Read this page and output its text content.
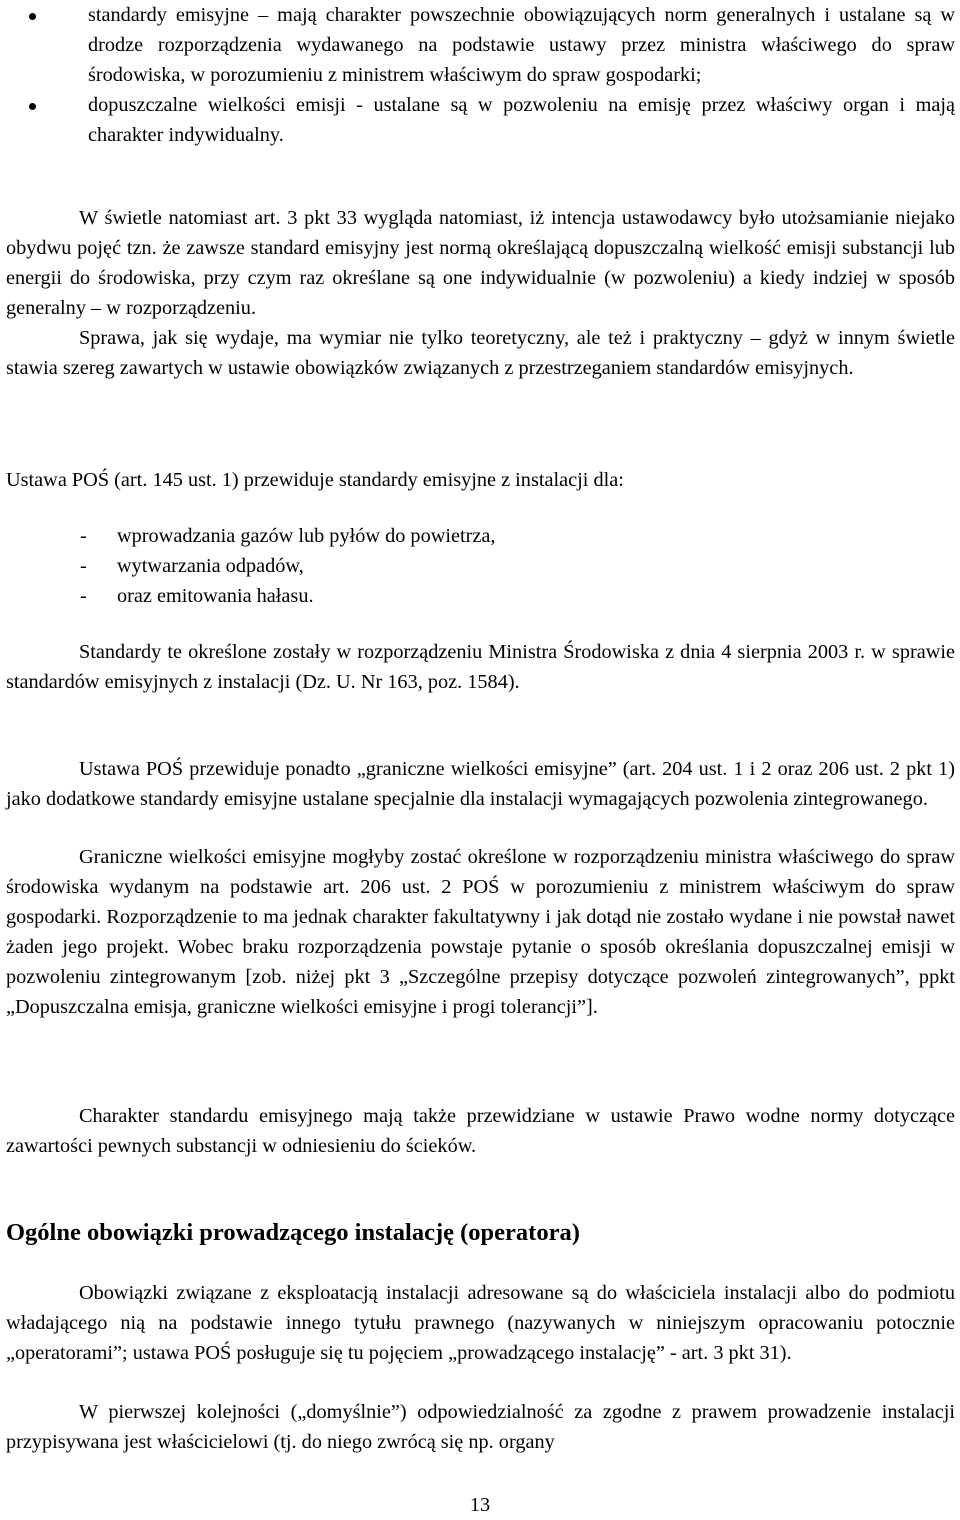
standardy emisyjne – mają charakter powszechnie obowiązujących norm generalnych i ustalane są w drodze rozporządzenia wydawanego na podstawie ustawy przez ministra właściwego do spraw środowiska, w porozumieniu z ministrem właściwym do spraw gospodarki;
dopuszczalne wielkości emisji - ustalane są w pozwoleniu na emisję przez właściwy organ i mają charakter indywidualny.

W świetle natomiast art. 3 pkt 33 wygląda natomiast, iż intencja ustawodawcy było utożsamianie niejako obydwu pojęć tzn. że zawsze standard emisyjny jest normą określającą dopuszczalną wielkość emisji substancji lub energii do środowiska, przy czym raz określane są one indywidualnie (w pozwoleniu) a kiedy indziej w sposób generalny – w rozporządzeniu.

Sprawa, jak się wydaje, ma wymiar nie tylko teoretyczny, ale też i praktyczny – gdyż w innym świetle stawia szereg zawartych w ustawie obowiązków związanych z przestrzeganiem standardów emisyjnych.

Ustawa POŚ (art. 145 ust. 1) przewiduje standardy emisyjne z instalacji dla:

- wprowadzania gazów lub pyłów do powietrza,
- wytwarzania odpadów,
- oraz emitowania hałasu.

Standardy te określone zostały w rozporządzeniu Ministra Środowiska z dnia 4 sierpnia 2003 r. w sprawie standardów emisyjnych z instalacji (Dz. U. Nr 163, poz. 1584).

Ustawa POŚ przewiduje ponadto „graniczne wielkości emisyjne” (art. 204 ust. 1 i 2 oraz 206 ust. 2 pkt 1) jako dodatkowe standardy emisyjne ustalane specjalnie dla instalacji wymagających pozwolenia zintegrowanego.

Graniczne wielkości emisyjne mogłyby zostać określone w rozporządzeniu ministra właściwego do spraw środowiska wydanym na podstawie art. 206 ust. 2 POŚ w porozumieniu z ministrem właściwym do spraw gospodarki. Rozporządzenie to ma jednak charakter fakultatywny i jak dotąd nie zostało wydane i nie powstał nawet żaden jego projekt. Wobec braku rozporządzenia powstaje pytanie o sposób określania dopuszczalnej emisji w pozwoleniu zintegrowanym [zob. niżej pkt 3 „Szczególne przepisy dotyczące pozwoleń zintegrowanych”, ppkt „Dopuszczalna emisja, graniczne wielkości emisyjne i progi tolerancji”].

Charakter standardu emisyjnego mają także przewidziane w ustawie Prawo wodne normy dotyczące zawartości pewnych substancji w odniesieniu do ścieków.

Ogólne obowiązki prowadzącego instalację (operatora)

Obowiązki związane z eksploatacją instalacji adresowane są do właściciela instalacji albo do podmiotu władającego nią na podstawie innego tytułu prawnego (nazywanych w niniejszym opracowaniu potocznie „operatorami”; ustawa POŚ posługuje się tu pojęciem „prowadzącego instalację” - art. 3 pkt 31).

W pierwszej kolejności („domyślnie”) odpowiedzialność za zgodne z prawem prowadzenie instalacji przypisywana jest właścicielowi (tj. do niego zwrócą się np. organy

13
